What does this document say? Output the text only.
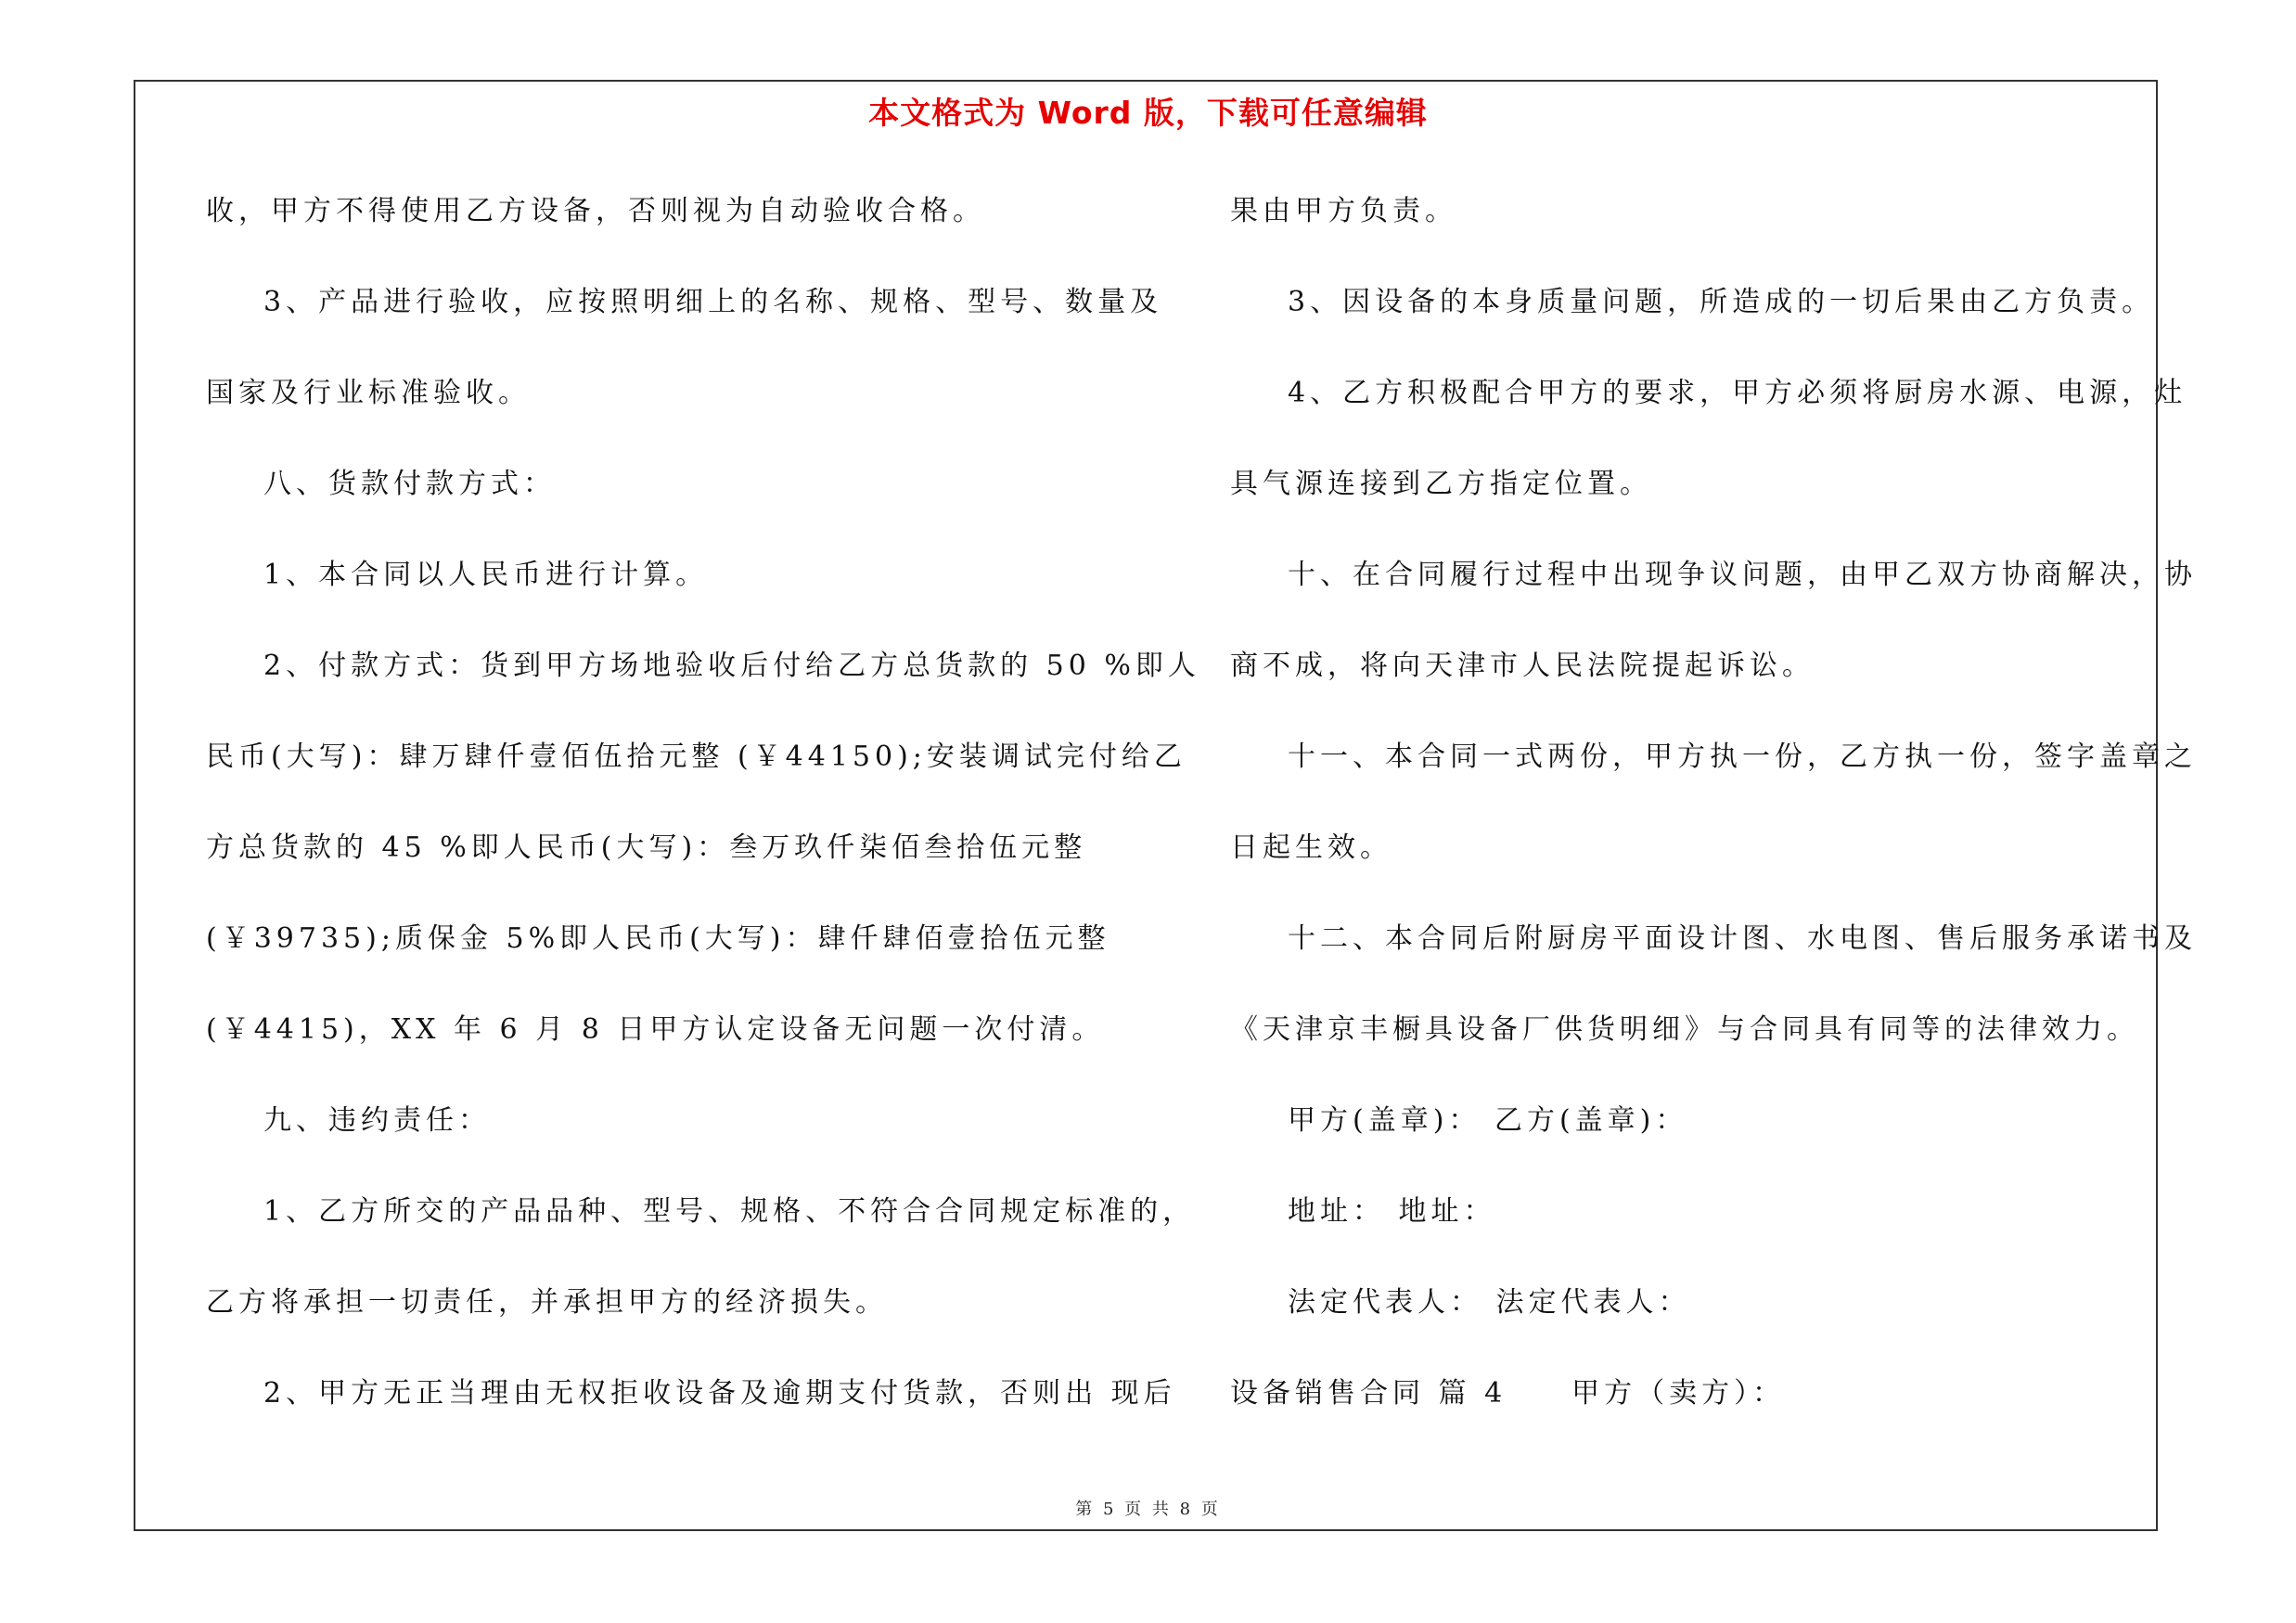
本文格式为 Word 版，下载可任意编辑
收，甲方不得使用乙方设备，否则视为自动验收合格。
3、产品进行验收，应按照明细上的名称、规格、型号、数量及
国家及行业标准验收。
八、货款付款方式：
1、本合同以人民币进行计算。
2、付款方式：货到甲方场地验收后付给乙方总货款的 50 %即人
民币(大写)：肆万肆仟壹佰伍拾元整 (￥44150);安装调试完付给乙
方总货款的 45 %即人民币(大写)：叁万玖仟柒佰叁拾伍元整
(￥39735);质保金 5%即人民币(大写)：肆仟肆佰壹拾伍元整
(￥4415)，XX 年 6 月 8 日甲方认定设备无问题一次付清。
九、违约责任：
1、乙方所交的产品品种、型号、规格、不符合合同规定标准的，
乙方将承担一切责任，并承担甲方的经济损失。
2、甲方无正当理由无权拒收设备及逾期支付货款，否则出 现后
果由甲方负责。
3、因设备的本身质量问题，所造成的一切后果由乙方负责。
4、乙方积极配合甲方的要求，甲方必须将厨房水源、电源，灶
具气源连接到乙方指定位置。
十、在合同履行过程中出现争议问题，由甲乙双方协商解决，协
商不成，将向天津市人民法院提起诉讼。
十一、本合同一式两份，甲方执一份，乙方执一份，签字盖章之
日起生效。
十二、本合同后附厨房平面设计图、水电图、售后服务承诺书及
《天津京丰橱具设备厂供货明细》与合同具有同等的法律效力。
甲方(盖章)： 乙方(盖章)：
地址： 地址：
法定代表人： 法定代表人：
设备销售合同 篇 4　　甲方（卖方）：
第 5 页 共 8 页
